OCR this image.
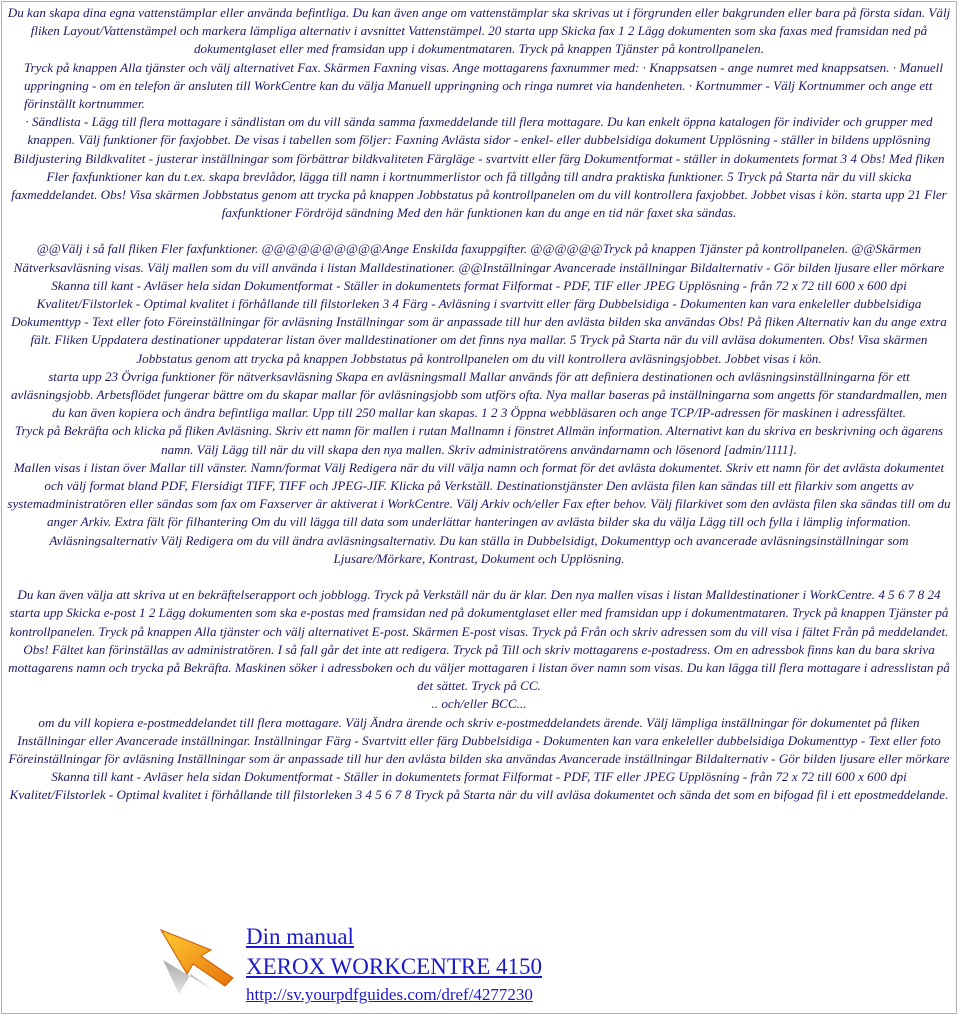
Du kan skapa dina egna vattenstämplar eller använda befintliga. Du kan även ange om vattenstämplar ska skrivas ut i förgrunden eller bakgrunden eller bara på första sidan. Välj fliken Layout/Vattenstämpel och markera lämpliga alternativ i avsnittet Vattenstämpel. 20 starta upp Skicka fax 1 2 Lägg dokumenten som ska faxas med framsidan ned på dokumentglaset eller med framsidan upp i dokumentmataren. Tryck på knappen Tjänster på kontrollpanelen.

Tryck på knappen Alla tjänster och välj alternativet Fax. Skärmen Faxning visas. Ange mottagarens faxnummer med: · Knappsatsen - ange numret med knappsatsen. · Manuell uppringning - om en telefon är ansluten till WorkCentre kan du välja Manuell uppringning och ringa numret via handenheten. · Kortnummer - Välj Kortnummer och ange ett förinställt kortnummer.

· Sändlista - Lägg till flera mottagare i sändlistan om du vill sända samma faxmeddelande till flera mottagare. Du kan enkelt öppna katalogen för individer och grupper med knappen. Välj funktioner för faxjobbet. De visas i tabellen som följer: Faxning Avlästa sidor - enkel- eller dubbelsidiga dokument Upplösning - ställer in bildens upplösning Bildjustering Bildkvalitet - justerar inställningar som förbättrar bildkvaliteten Färgläge - svartvitt eller färg Dokumentformat - ställer in dokumentets format 3 4 Obs! Med fliken Fler faxfunktioner kan du t.ex. skapa brevlådor, lägga till namn i kortnummerlistor och få tillgång till andra praktiska funktioner. 5 Tryck på Starta när du vill skicka faxmeddelandet. Obs! Visa skärmen Jobbstatus genom att trycka på knappen Jobbstatus på kontrollpanelen om du vill kontrollera faxjobbet. Jobbet visas i kön. starta upp 21 Fler faxfunktioner Fördröjd sändning Med den här funktionen kan du ange en tid när faxet ska sändas.

@@Välj i så fall fliken Fler faxfunktioner. @@@@@@@@@@Ange Enskilda faxuppgifter. @@@@@@Tryck på knappen Tjänster på kontrollpanelen. @@Skärmen Nätverksavläsning visas. Välj mallen som du vill använda i listan Malldestinationer. @@Inställningar Avancerade inställningar Bildalternativ - Gör bilden ljusare eller mörkare Skanna till kant - Avläser hela sidan Dokumentformat - Ställer in dokumentets format Filformat - PDF, TIF eller JPEG Upplösning - från 72 x 72 till 600 x 600 dpi Kvalitet/Filstorlek - Optimal kvalitet i förhållande till filstorleken 3 4 Färg - Avläsning i svartvitt eller färg Dubbelsidiga - Dokumenten kan vara enkeleller dubbelsidiga Dokumenttyp - Text eller foto Föreinställningar för avläsning Inställningar som är anpassade till hur den avlästa bilden ska användas Obs! På fliken Alternativ kan du ange extra fält. Fliken Uppdatera destinationer uppdaterar listan över malldestinationer om det finns nya mallar. 5 Tryck på Starta när du vill avläsa dokumenten. Obs! Visa skärmen Jobbstatus genom att trycka på knappen Jobbstatus på kontrollpanelen om du vill kontrollera avläsningsjobbet. Jobbet visas i kön.

starta upp 23 Övriga funktioner för nätverksavläsning Skapa en avläsningsmall Mallar används för att definiera destinationen och avläsningsinställningarna för ett avläsningsjobb. Arbetsflödet fungerar bättre om du skapar mallar för avläsningsjobb som utförs ofta. Nya mallar baseras på inställningarna som angetts för standardmallen, men du kan även kopiera och ändra befintliga mallar. Upp till 250 mallar kan skapas. 1 2 3 Öppna webbläsaren och ange TCP/IP-adressen för maskinen i adressfältet.

Tryck på Bekräfta och klicka på fliken Avläsning. Skriv ett namn för mallen i rutan Mallnamn i fönstret Allmän information. Alternativt kan du skriva en beskrivning och ägarens namn. Välj Lägg till när du vill skapa den nya mallen. Skriv administratörens användarnamn och lösenord [admin/1111].

Mallen visas i listan över Mallar till vänster. Namn/format Välj Redigera när du vill välja namn och format för det avlästa dokumentet. Skriv ett namn för det avlästa dokumentet och välj format bland PDF, Flersidigt TIFF, TIFF och JPEG-JIF. Klicka på Verkställ. Destinationstjänster Den avlästa filen kan sändas till ett filarkiv som angetts av systemadministratören eller sändas som fax om Faxserver är aktiverat i WorkCentre. Välj Arkiv och/eller Fax efter behov. Välj filarkivet som den avlästa filen ska sändas till om du anger Arkiv. Extra fält för filhantering Om du vill lägga till data som underlättar hanteringen av avlästa bilder ska du välja Lägg till och fylla i lämplig information. Avläsningsalternativ Välj Redigera om du vill ändra avläsningsalternativ. Du kan ställa in Dubbelsidigt, Dokumenttyp och avancerade avläsningsinställningar som Ljusare/Mörkare, Kontrast, Dokument och Upplösning.

Du kan även välja att skriva ut en bekräftelserapport och jobblogg. Tryck på Verkställ när du är klar. Den nya mallen visas i listan Malldestinationer i WorkCentre. 4 5 6 7 8 24 starta upp Skicka e-post 1 2 Lägg dokumenten som ska e-postas med framsidan ned på dokumentglaset eller med framsidan upp i dokumentmataren. Tryck på knappen Tjänster på kontrollpanelen. Tryck på knappen Alla tjänster och välj alternativet E-post. Skärmen E-post visas. Tryck på Från och skriv adressen som du vill visa i fältet Från på meddelandet. Obs! Fältet kan förinställas av administratören. I så fall går det inte att redigera. Tryck på Till och skriv mottagarens e-postadress. Om en adressbok finns kan du bara skriva mottagarens namn och trycka på Bekräfta. Maskinen söker i adressboken och du väljer mottagaren i listan över namn som visas. Du kan lägga till flera mottagare i adresslistan på det sättet. Tryck på CC.

.. och/eller BCC...

om du vill kopiera e-postmeddelandet till flera mottagare. Välj Ändra ärende och skriv e-postmeddelandets ärende. Välj lämpliga inställningar för dokumentet på fliken Inställningar eller Avancerade inställningar. Inställningar Färg - Svartvitt eller färg Dubbelsidiga - Dokumenten kan vara enkeleller dubbelsidiga Dokumenttyp - Text eller foto Föreinställningar för avläsning Inställningar som är anpassade till hur den avlästa bilden ska användas Avancerade inställningar Bildalternativ - Gör bilden ljusare eller mörkare Skanna till kant - Avläser hela sidan Dokumentformat - Ställer in dokumentets format Filformat - PDF, TIF eller JPEG Upplösning - från 72 x 72 till 600 x 600 dpi Kvalitet/Filstorlek - Optimal kvalitet i förhållande till filstorleken 3 4 5 6 7 8 Tryck på Starta när du vill avläsa dokumentet och sända det som en bifogad fil i ett epostmeddelande.

Din manual
XEROX WORKCENTRE 4150
http://sv.yourpdfguides.com/dref/4277230
